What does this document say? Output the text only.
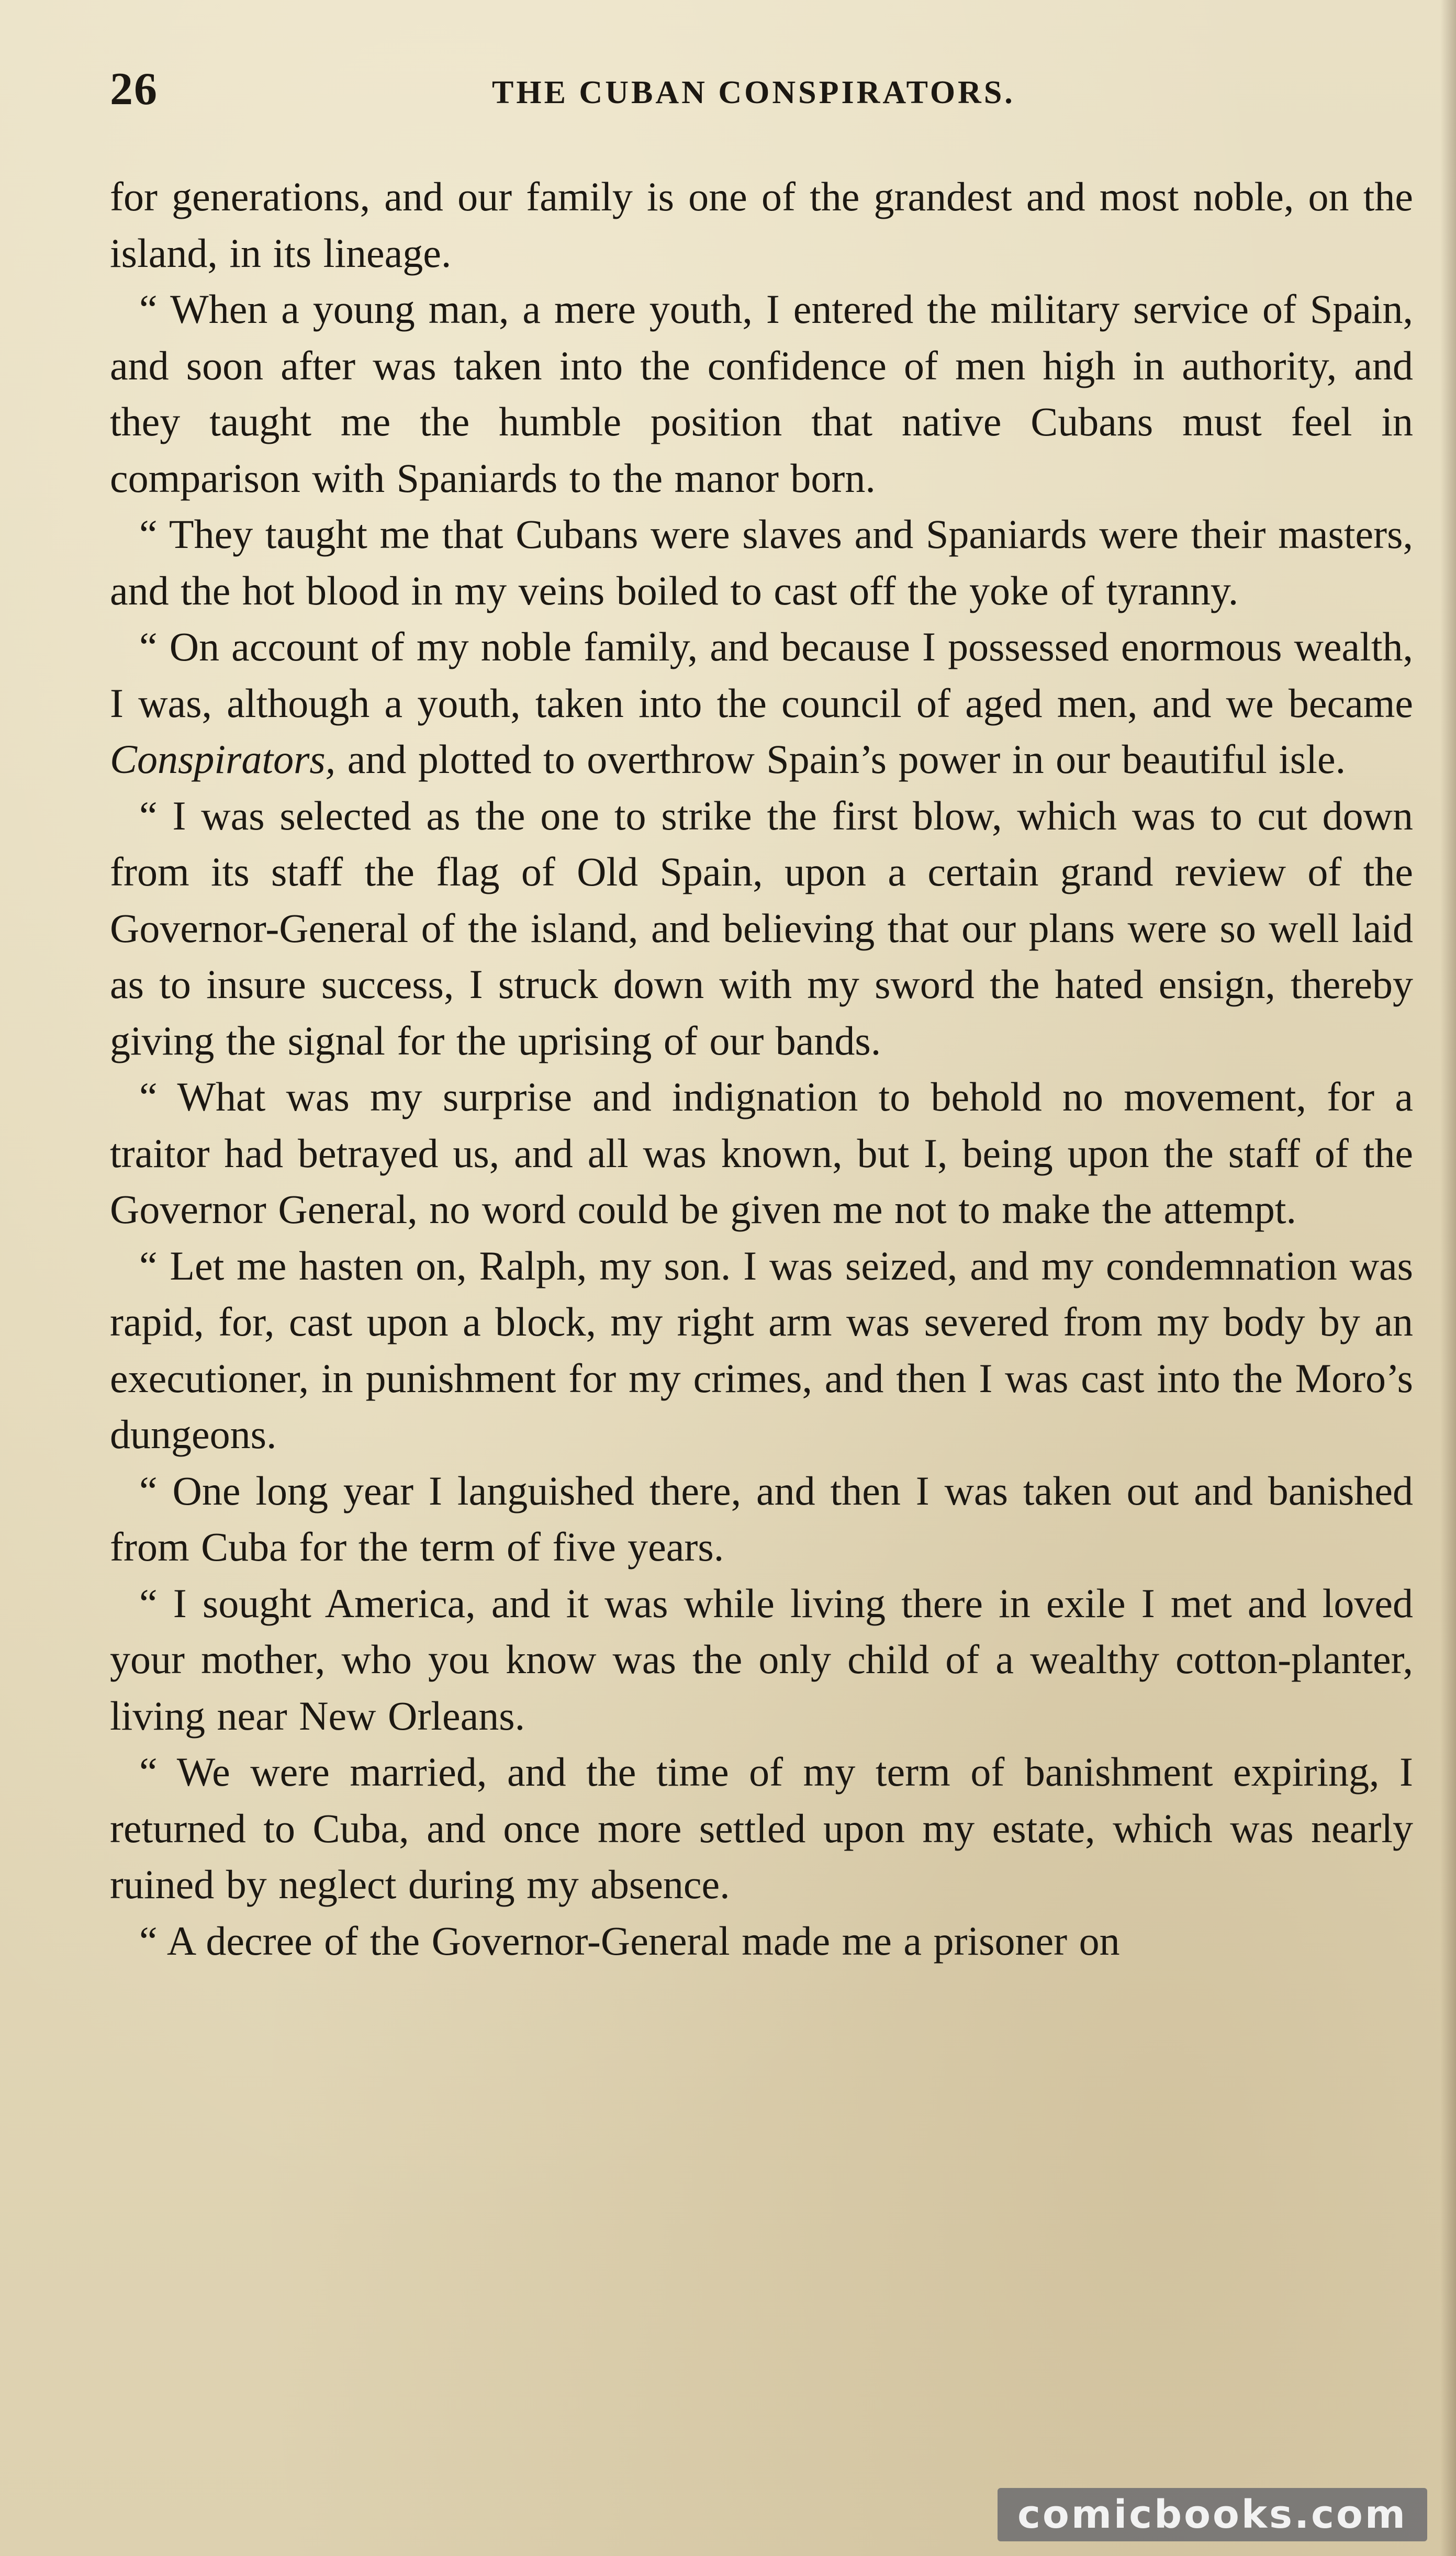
26	THE CUBAN CONSPIRATORS.

for generations, and our family is one of the grandest and most noble, on the island, in its lineage.

“ When a young man, a mere youth, I entered the military service of Spain, and soon after was taken into the confidence of men high in authority, and they taught me the humble position that native Cubans must feel in comparison with Spaniards to the manor born.

“ They taught me that Cubans were slaves and Spaniards were their masters, and the hot blood in my veins boiled to cast off the yoke of tyranny.

“ On account of my noble family, and because I possessed enormous wealth, I was, although a youth, taken into the council of aged men, and we became Conspirators, and plotted to overthrow Spain’s power in our beautiful isle.

“ I was selected as the one to strike the first blow, which was to cut down from its staff the flag of Old Spain, upon a certain grand review of the Governor-General of the island, and believing that our plans were so well laid as to insure success, I struck down with my sword the hated ensign, thereby giving the signal for the uprising of our bands.

“ What was my surprise and indignation to behold no movement, for a traitor had betrayed us, and all was known, but I, being upon the staff of the Governor General, no word could be given me not to make the attempt.

“ Let me hasten on, Ralph, my son. I was seized, and my condemnation was rapid, for, cast upon a block, my right arm was severed from my body by an executioner, in punishment for my crimes, and then I was cast into the Moro’s dungeons.

“ One long year I languished there, and then I was taken out and banished from Cuba for the term of five years.

“ I sought America, and it was while living there in exile I met and loved your mother, who you know was the only child of a wealthy cotton-planter, living near New Orleans.

“ We were married, and the time of my term of banishment expiring, I returned to Cuba, and once more settled upon my estate, which was nearly ruined by neglect during my absence.

“ A decree of the Governor-General made me a prisoner on

comicbooks.com
